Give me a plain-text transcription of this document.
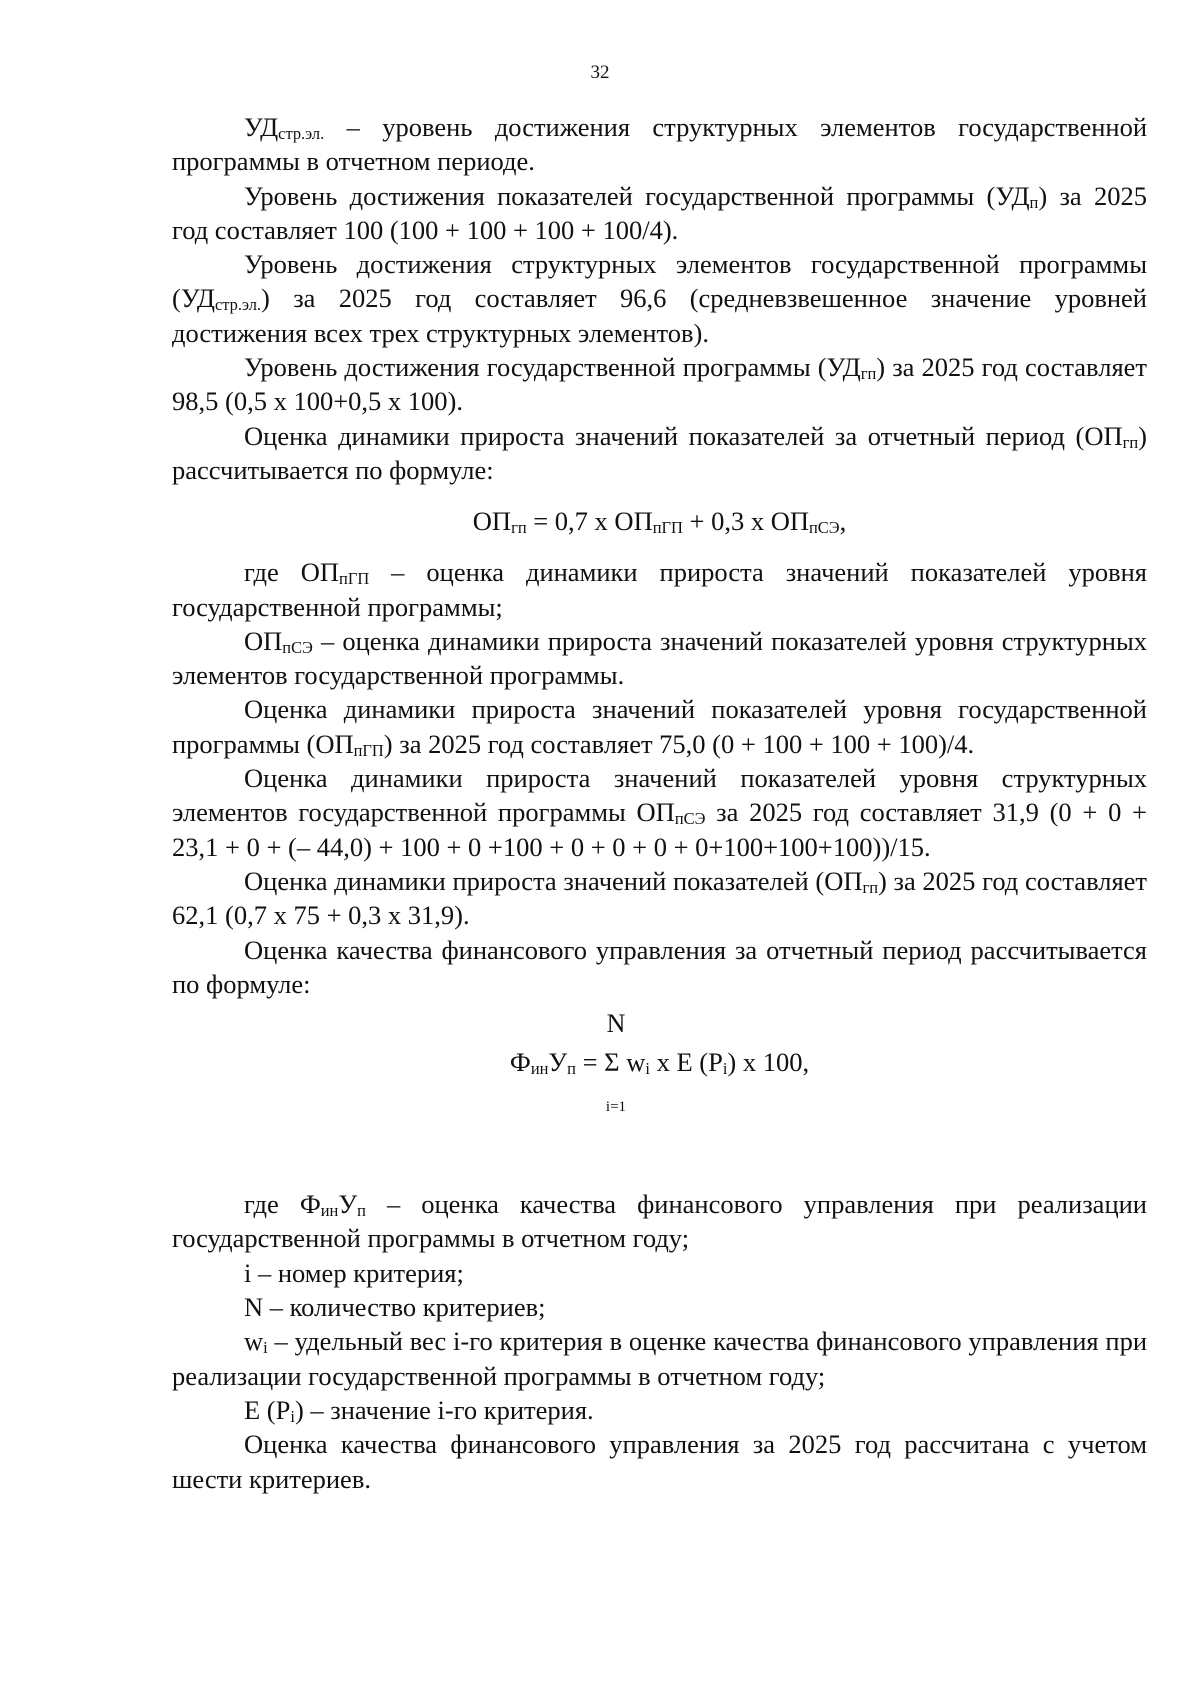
32

УДстр.эл. – уровень достижения структурных элементов государственной программы в отчетном периоде.

Уровень достижения показателей государственной программы (УДп) за 2025 год составляет 100 (100 + 100 + 100 + 100/4).

Уровень достижения структурных элементов государственной программы (УДстр.эл.) за 2025 год составляет 96,6 (средневзвешенное значение уровней достижения всех трех структурных элементов).

Уровень достижения государственной программы (УДгп) за 2025 год составляет 98,5 (0,5 х 100+0,5 х 100).

Оценка динамики прироста значений показателей за отчетный период (ОПгп) рассчитывается по формуле:

ОПгп = 0,7 х ОПпГП + 0,3 х ОПпСЭ,

где ОПпГП – оценка динамики прироста значений показателей уровня государственной программы;

ОПпСЭ – оценка динамики прироста значений показателей уровня структурных элементов государственной программы.

Оценка динамики прироста значений показателей уровня государственной программы (ОПпГП) за 2025 год составляет 75,0 (0 + 100 + 100 + 100)/4.

Оценка динамики прироста значений показателей уровня структурных элементов государственной программы ОПпСЭ за 2025 год составляет 31,9 (0 + 0 + 23,1 + 0 + (– 44,0) + 100 + 0 +100 + 0 + 0 + 0 + 0+100+100+100))/15.

Оценка динамики прироста значений показателей (ОПгп) за 2025 год составляет 62,1 (0,7 х 75 + 0,3 х 31,9).

Оценка качества финансового управления за отчетный период рассчитывается по формуле:

N
ФинУп = Σ wi х Е (Рi) х 100,
i=1

где ФинУп – оценка качества финансового управления при реализации государственной программы в отчетном году;

i – номер критерия;

N – количество критериев;

wi – удельный вес i-го критерия в оценке качества финансового управления при реализации государственной программы в отчетном году;

Е (Рi) – значение i-го критерия.

Оценка качества финансового управления за 2025 год рассчитана с учетом шести критериев.
